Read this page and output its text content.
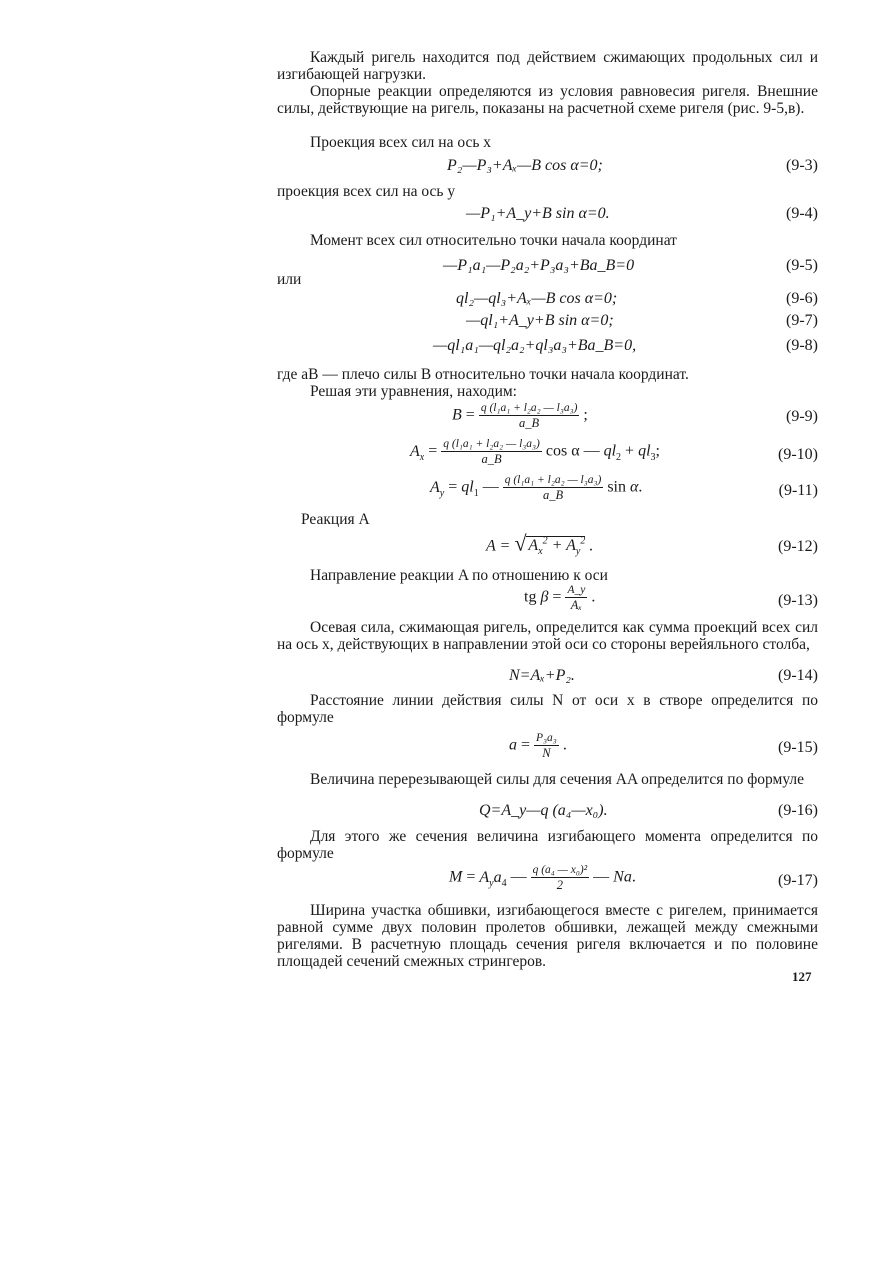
Каждый ригель находится под действием сжимающих продольных сил и изгибающей нагрузки.
Опорные реакции определяются из условия равновесия ригеля. Внешние силы, действующие на ригель, показаны на расчетной схеме ригеля (рис. 9-5,в).
Проекция всех сил на ось x
P₂—P₃+Aₓ—B cos α=0;	(9-3)
проекция всех сил на ось y
—P₁+A_y+B sin α=0.	(9-4)
Момент всех сил относительно точки начала координат
—P₁a₁—P₂a₂+P₃a₃+Ba_B=0	(9-5)
или
ql₂—ql₃+Aₓ—B cos α=0;	(9-6)
—ql₁+A_y+B sin α=0;	(9-7)
—ql₁a₁—ql₂a₂+ql₃a₃+Ba_B=0,	(9-8)
где aB — плечо силы B относительно точки начала координат.
Решая эти уравнения, находим:
$B = \frac{\text{q (l₁a₁ + l₂a₂ — l₃a₃)}}{a\_B}$ ;	(9-9)
$A_x = \frac{\text{q (l₁a₁ + l₂a₂ — l₃a₃)}}{a\_B}$ cos α — $ql_2 + ql_3$;	(9-10)
$A_y = ql_1$ — $\frac{\text{q (l₁a₁ + l₂a₂ — l₃a₃)}}{a\_B}$ sin α.	(9-11)
Реакция A
A = √ $A_x^2 + A_y^2$ .	(9-12)
Направление реакции A по отношению к оси
tg $\beta = \frac{A\_y}{\text{Aₓ}}$ .	(9-13)
Осевая сила, сжимающая ригель, определится как сумма проекций всех сил на ось x, действующих в направлении этой оси со стороны верейяльного столба,
N=Aₓ+P₂.	(9-14)
Расстояние линии действия силы N от оси x в створе определится по формуле
$a = \frac{\text{P₃a₃}}{N}$ .	(9-15)
Величина перерезывающей силы для сечения AA определится по формуле
Q=A_y—q (a₄—x₀).	(9-16)
Для этого же сечения величина изгибающего момента определится по формуле
$M = A_ya_4$ — $\frac{\text{q (a₄ — x₀)²}}{2}$ — Na.	(9-17)
Ширина участка обшивки, изгибающегося вместе с ригелем, принимается равной сумме двух половин пролетов обшивки, лежащей между смежными ригелями. В расчетную площадь сечения ригеля включается и по половине площадей сечений смежных стрингеров.
127
